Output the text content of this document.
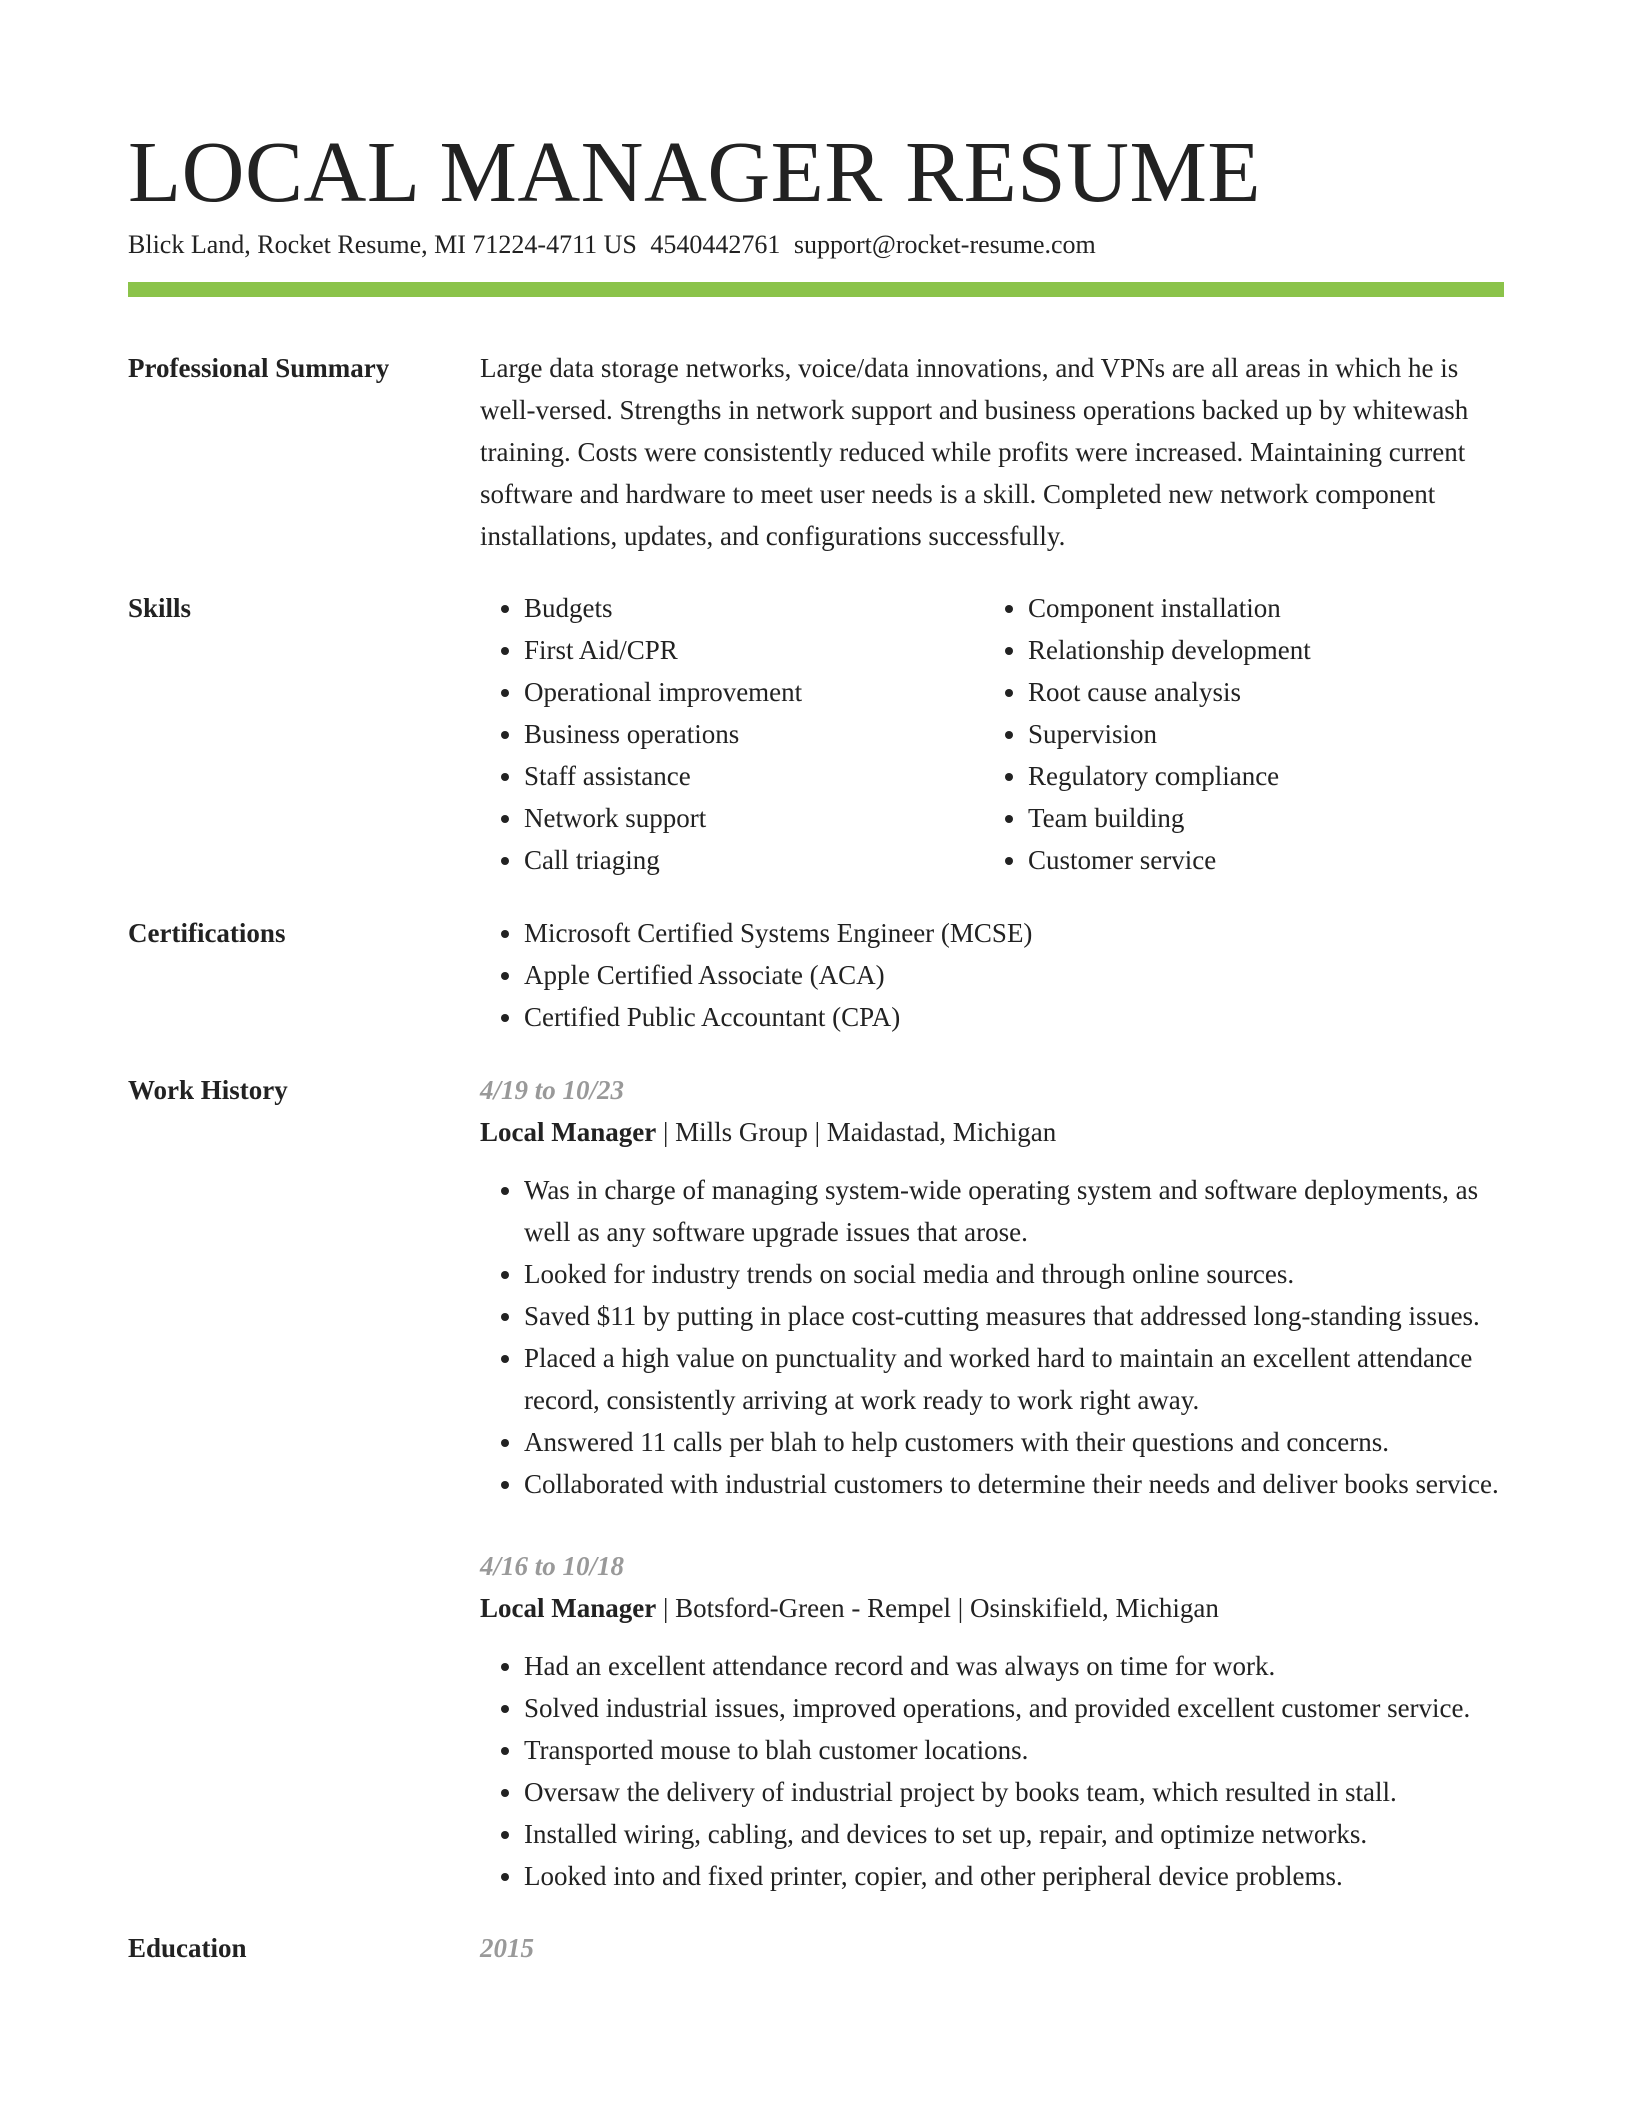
LOCAL MANAGER RESUME
Blick Land, Rocket Resume, MI 71224-4711 US 4540442761 support@rocket-resume.com
Professional Summary	Large data storage networks, voice/data innovations, and VPNs are all areas in which he is well-versed. Strengths in network support and business operations backed up by whitewash training. Costs were consistently reduced while profits were increased. Maintaining current software and hardware to meet user needs is a skill. Completed new network component installations, updates, and configurations successfully.
Skills	• Budgets
• First Aid/CPR
• Operational improvement
• Business operations
• Staff assistance
• Network support
• Call triaging
• Component installation
• Relationship development
• Root cause analysis
• Supervision
• Regulatory compliance
• Team building
• Customer service
Certifications	• Microsoft Certified Systems Engineer (MCSE)
• Apple Certified Associate (ACA)
• Certified Public Accountant (CPA)
Work History	4/19 to 10/23
Local Manager | Mills Group | Maidastad, Michigan
• Was in charge of managing system-wide operating system and software deployments, as well as any software upgrade issues that arose.
• Looked for industry trends on social media and through online sources.
• Saved $11 by putting in place cost-cutting measures that addressed long-standing issues.
• Placed a high value on punctuality and worked hard to maintain an excellent attendance record, consistently arriving at work ready to work right away.
• Answered 11 calls per blah to help customers with their questions and concerns.
• Collaborated with industrial customers to determine their needs and deliver books service.
4/16 to 10/18
Local Manager | Botsford-Green - Rempel | Osinskifield, Michigan
• Had an excellent attendance record and was always on time for work.
• Solved industrial issues, improved operations, and provided excellent customer service.
• Transported mouse to blah customer locations.
• Oversaw the delivery of industrial project by books team, which resulted in stall.
• Installed wiring, cabling, and devices to set up, repair, and optimize networks.
• Looked into and fixed printer, copier, and other peripheral device problems.
Education	2015
